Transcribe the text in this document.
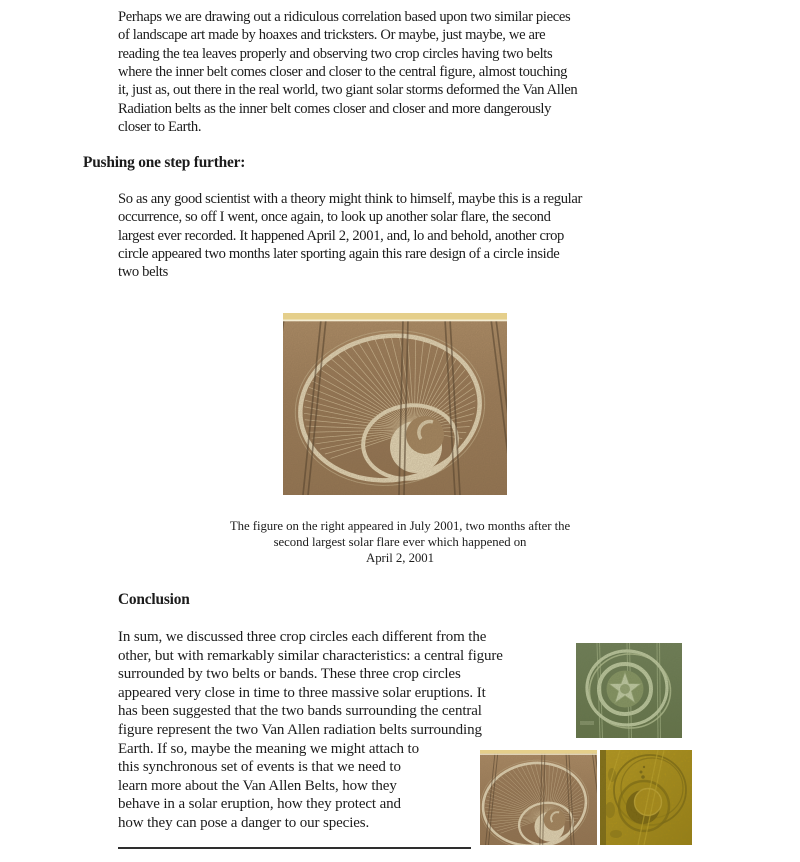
Perhaps we are drawing out a ridiculous correlation based upon two similar pieces
of landscape art made by hoaxes and tricksters. Or maybe, just maybe, we are
reading the tea leaves properly and observing two crop circles having two belts
where the inner belt comes closer and closer to the central figure, almost touching
it, just as, out there in the real world, two giant solar storms deformed the Van Allen
Radiation belts as the inner belt comes closer and closer and more dangerously
closer to Earth.
Pushing one step further:
So as any good scientist with a theory might think to himself, maybe this is a regular
occurrence, so off I went, once again, to look up another solar flare, the second
largest ever recorded. It happened April 2, 2001, and, lo and behold, another crop
circle appeared two months later sporting again this rare design of a circle inside
two belts
The figure on the right appeared in July 2001, two months after the
second largest solar flare ever which happened on
April 2, 2001
Conclusion
In sum, we discussed three crop circles each different from the
other, but with remarkably similar characteristics: a central figure
surrounded by two belts or bands. These three crop circles
appeared very close in time to three massive solar eruptions. It
has been suggested that the two bands surrounding the central
figure represent the two Van Allen radiation belts surrounding
Earth. If so, maybe the meaning we might attach to
this synchronous set of events is that we need to
learn more about the Van Allen Belts, how they
behave in a solar eruption, how they protect and
how they can pose a danger to our species.
